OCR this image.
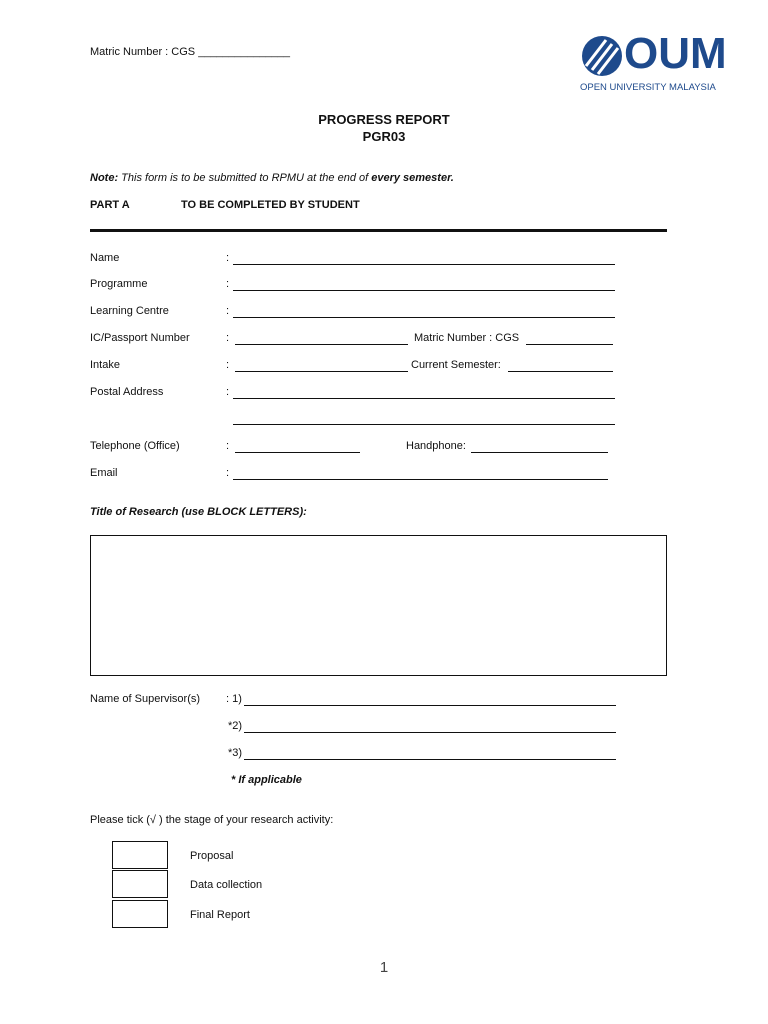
Matric Number : CGS _______________	OUM
OPEN UNIVERSITY MALAYSIA
PROGRESS REPORT
PGR03
Note: This form is to be submitted to RPMU at the end of every semester.
PART A	TO BE COMPLETED BY STUDENT
Name	:
Programme	:
Learning Centre	:
IC/Passport Number	:	Matric Number : CGS
Intake	:	Current Semester:
Postal Address	:
Telephone (Office)	:	Handphone:
Email	:
Title of Research (use BLOCK LETTERS):
Name of Supervisor(s) : 1)
*2)
*3)
* If applicable
Please tick (√ ) the stage of your research activity:
Proposal
Data collection
Final Report
1
